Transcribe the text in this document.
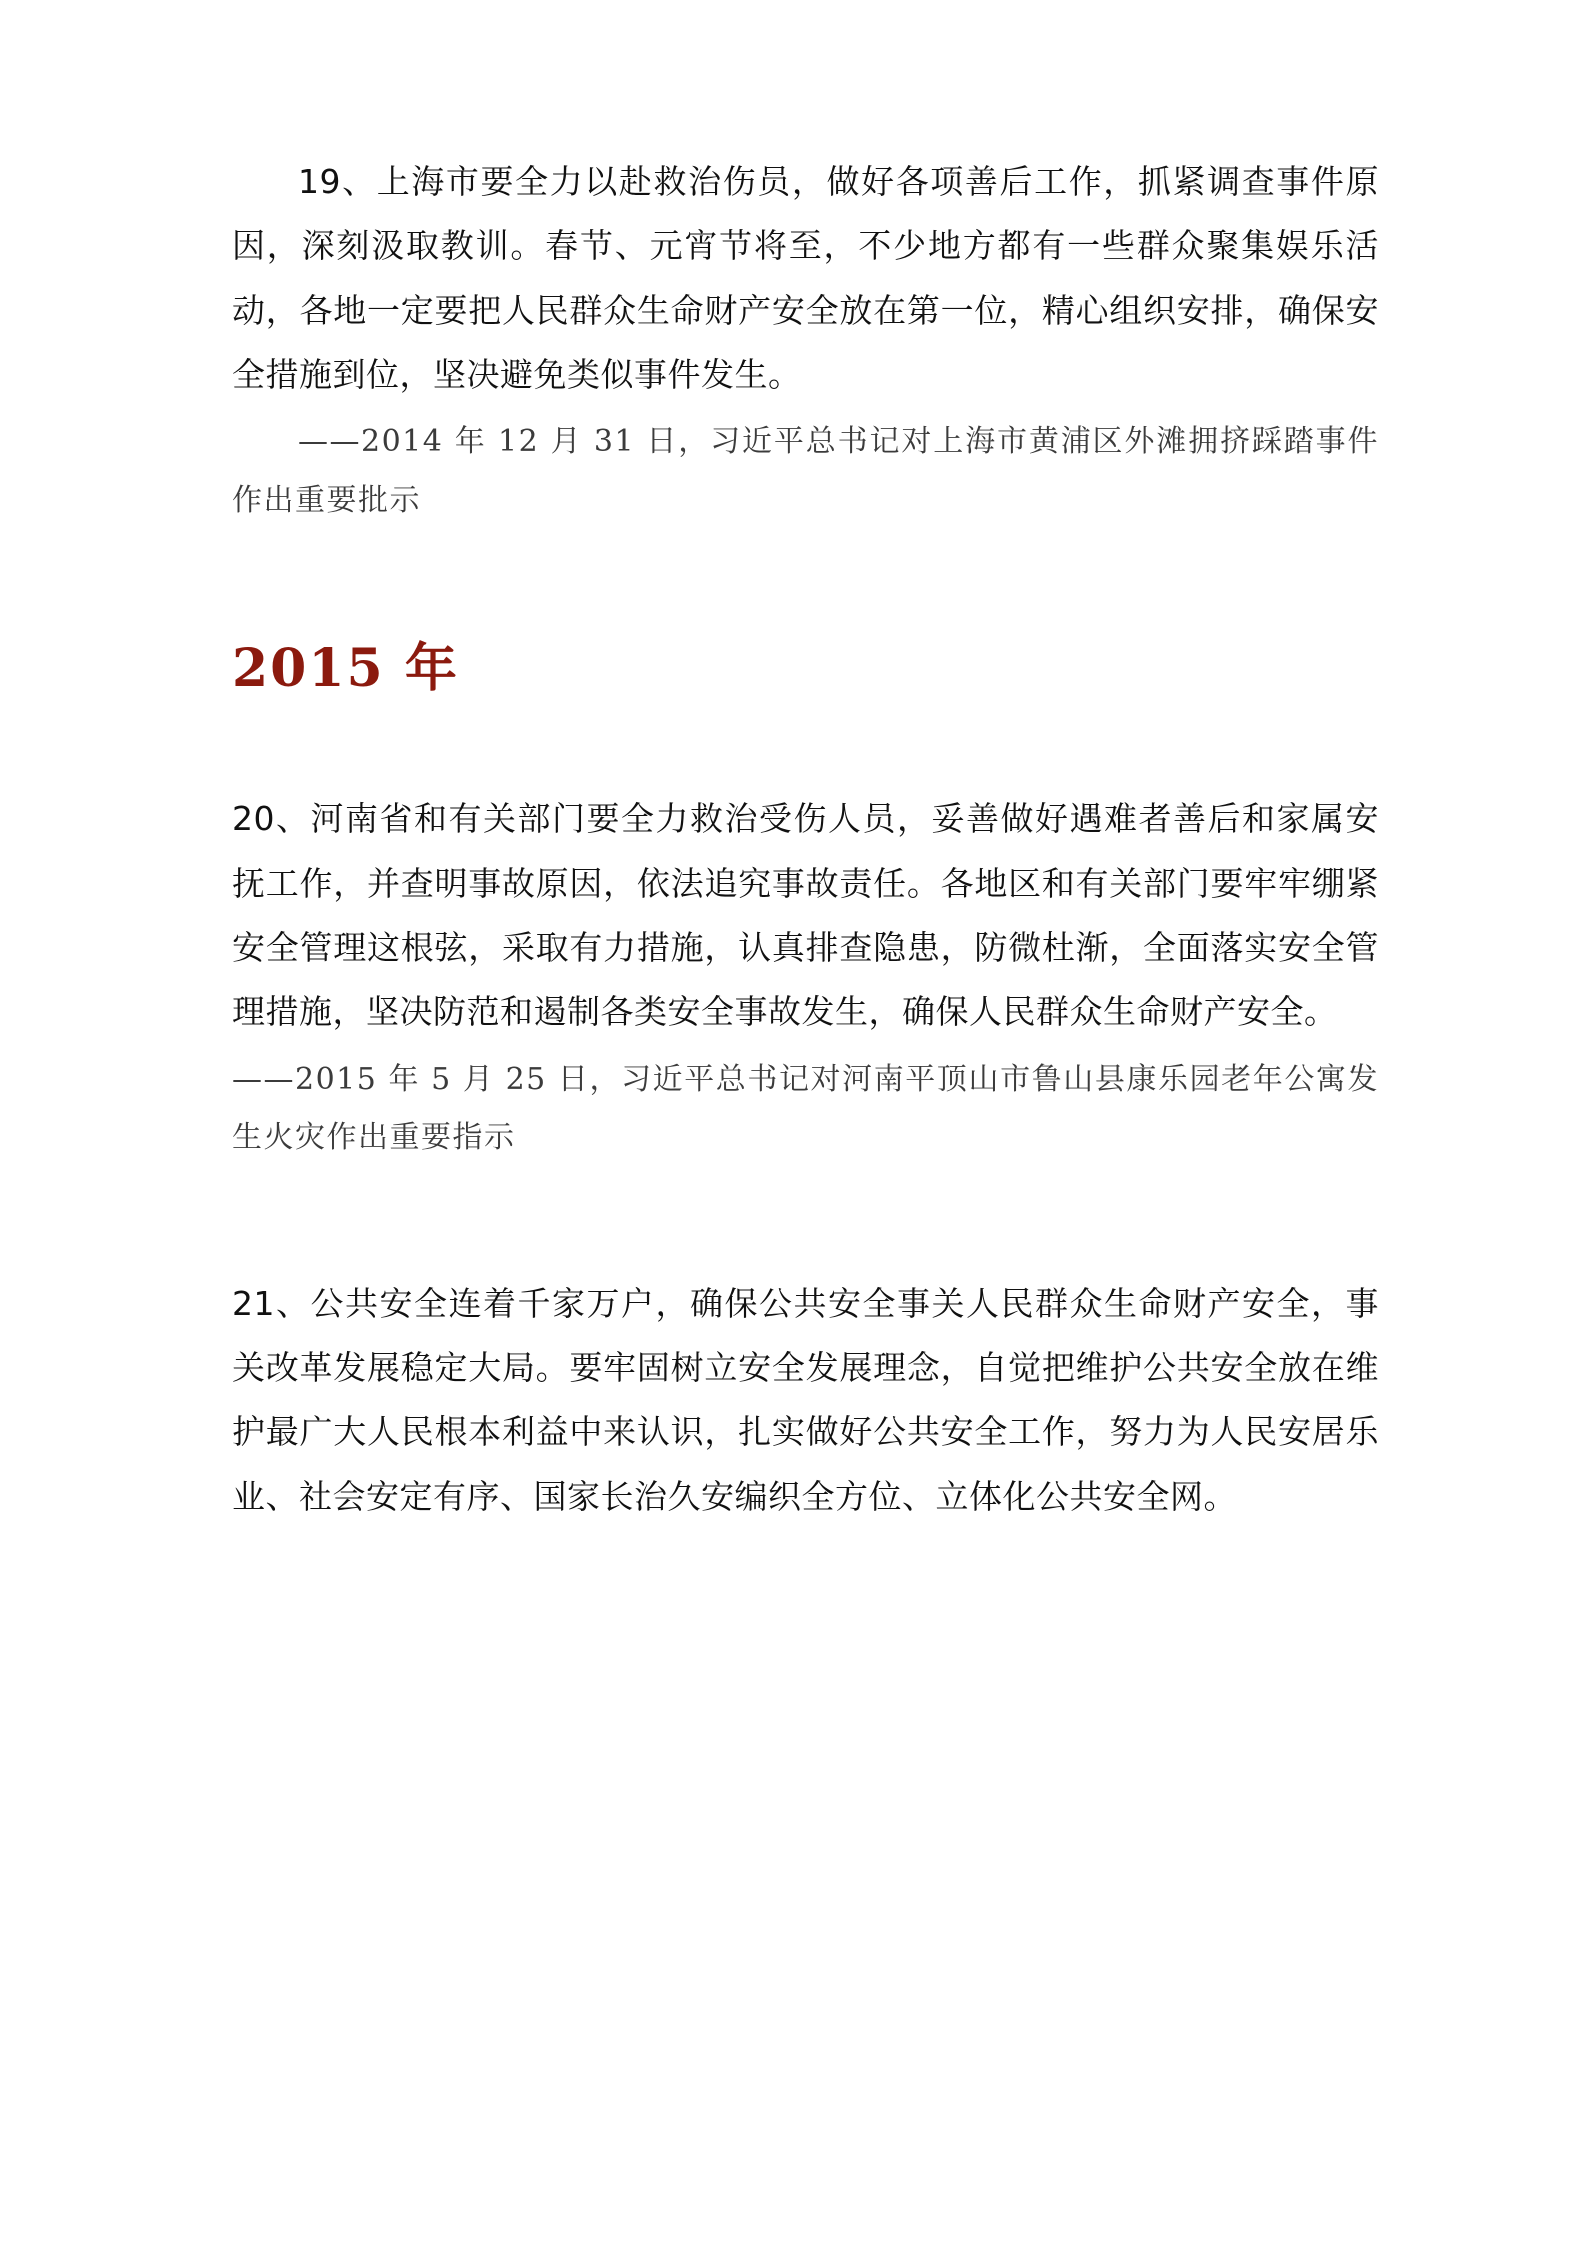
19、上海市要全力以赴救治伤员，做好各项善后工作，抓紧调查事件原因，深刻汲取教训。春节、元宵节将至，不少地方都有一些群众聚集娱乐活动，各地一定要把人民群众生命财产安全放在第一位，精心组织安排，确保安全措施到位，坚决避免类似事件发生。

——2014 年 12 月 31 日，习近平总书记对上海市黄浦区外滩拥挤踩踏事件作出重要批示

2015 年

20、河南省和有关部门要全力救治受伤人员，妥善做好遇难者善后和家属安抚工作，并查明事故原因，依法追究事故责任。各地区和有关部门要牢牢绷紧安全管理这根弦，采取有力措施，认真排查隐患，防微杜渐，全面落实安全管理措施，坚决防范和遏制各类安全事故发生，确保人民群众生命财产安全。

——2015 年 5 月 25 日，习近平总书记对河南平顶山市鲁山县康乐园老年公寓发生火灾作出重要指示

21、公共安全连着千家万户，确保公共安全事关人民群众生命财产安全，事关改革发展稳定大局。要牢固树立安全发展理念，自觉把维护公共安全放在维护最广大人民根本利益中来认识，扎实做好公共安全工作，努力为人民安居乐业、社会安定有序、国家长治久安编织全方位、立体化公共安全网。
